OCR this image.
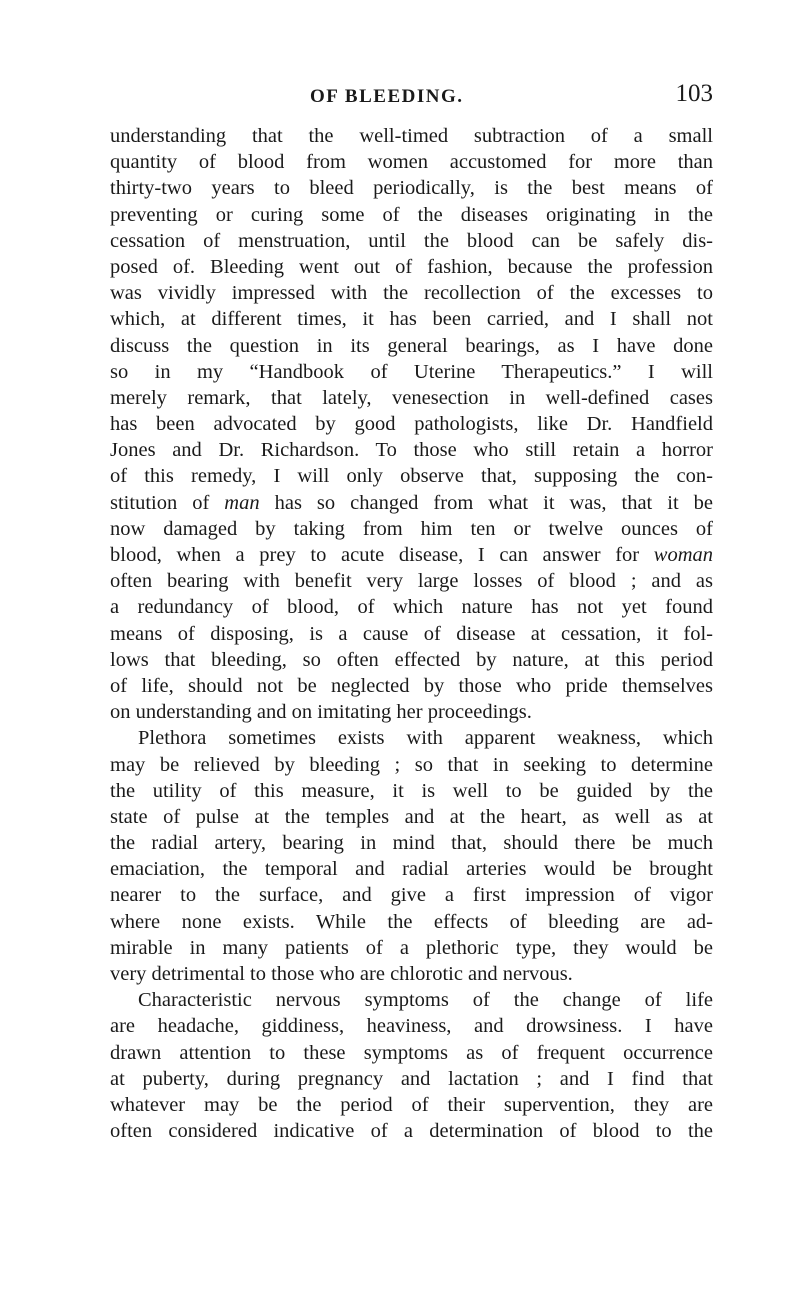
OF BLEEDING.	103
understanding that the well-timed subtraction of a small
quantity of blood from women accustomed for more than
thirty-two years to bleed periodically, is the best means of
preventing or curing some of the diseases originating in the
cessation of menstruation, until the blood can be safely dis-
posed of. Bleeding went out of fashion, because the profession
was vividly impressed with the recollection of the excesses to
which, at different times, it has been carried, and I shall not
discuss the question in its general bearings, as I have done
so in my “Handbook of Uterine Therapeutics.” I will
merely remark, that lately, venesection in well-defined cases
has been advocated by good pathologists, like Dr. Handfield
Jones and Dr. Richardson. To those who still retain a horror
of this remedy, I will only observe that, supposing the con-
stitution of man has so changed from what it was, that it be
now damaged by taking from him ten or twelve ounces of
blood, when a prey to acute disease, I can answer for woman
often bearing with benefit very large losses of blood ; and as
a redundancy of blood, of which nature has not yet found
means of disposing, is a cause of disease at cessation, it fol-
lows that bleeding, so often effected by nature, at this period
of life, should not be neglected by those who pride themselves
on understanding and on imitating her proceedings.
Plethora sometimes exists with apparent weakness, which
may be relieved by bleeding ; so that in seeking to determine
the utility of this measure, it is well to be guided by the
state of pulse at the temples and at the heart, as well as at
the radial artery, bearing in mind that, should there be much
emaciation, the temporal and radial arteries would be brought
nearer to the surface, and give a first impression of vigor
where none exists. While the effects of bleeding are ad-
mirable in many patients of a plethoric type, they would be
very detrimental to those who are chlorotic and nervous.
Characteristic nervous symptoms of the change of life
are headache, giddiness, heaviness, and drowsiness. I have
drawn attention to these symptoms as of frequent occurrence
at puberty, during pregnancy and lactation ; and I find that
whatever may be the period of their supervention, they are
often considered indicative of a determination of blood to the
